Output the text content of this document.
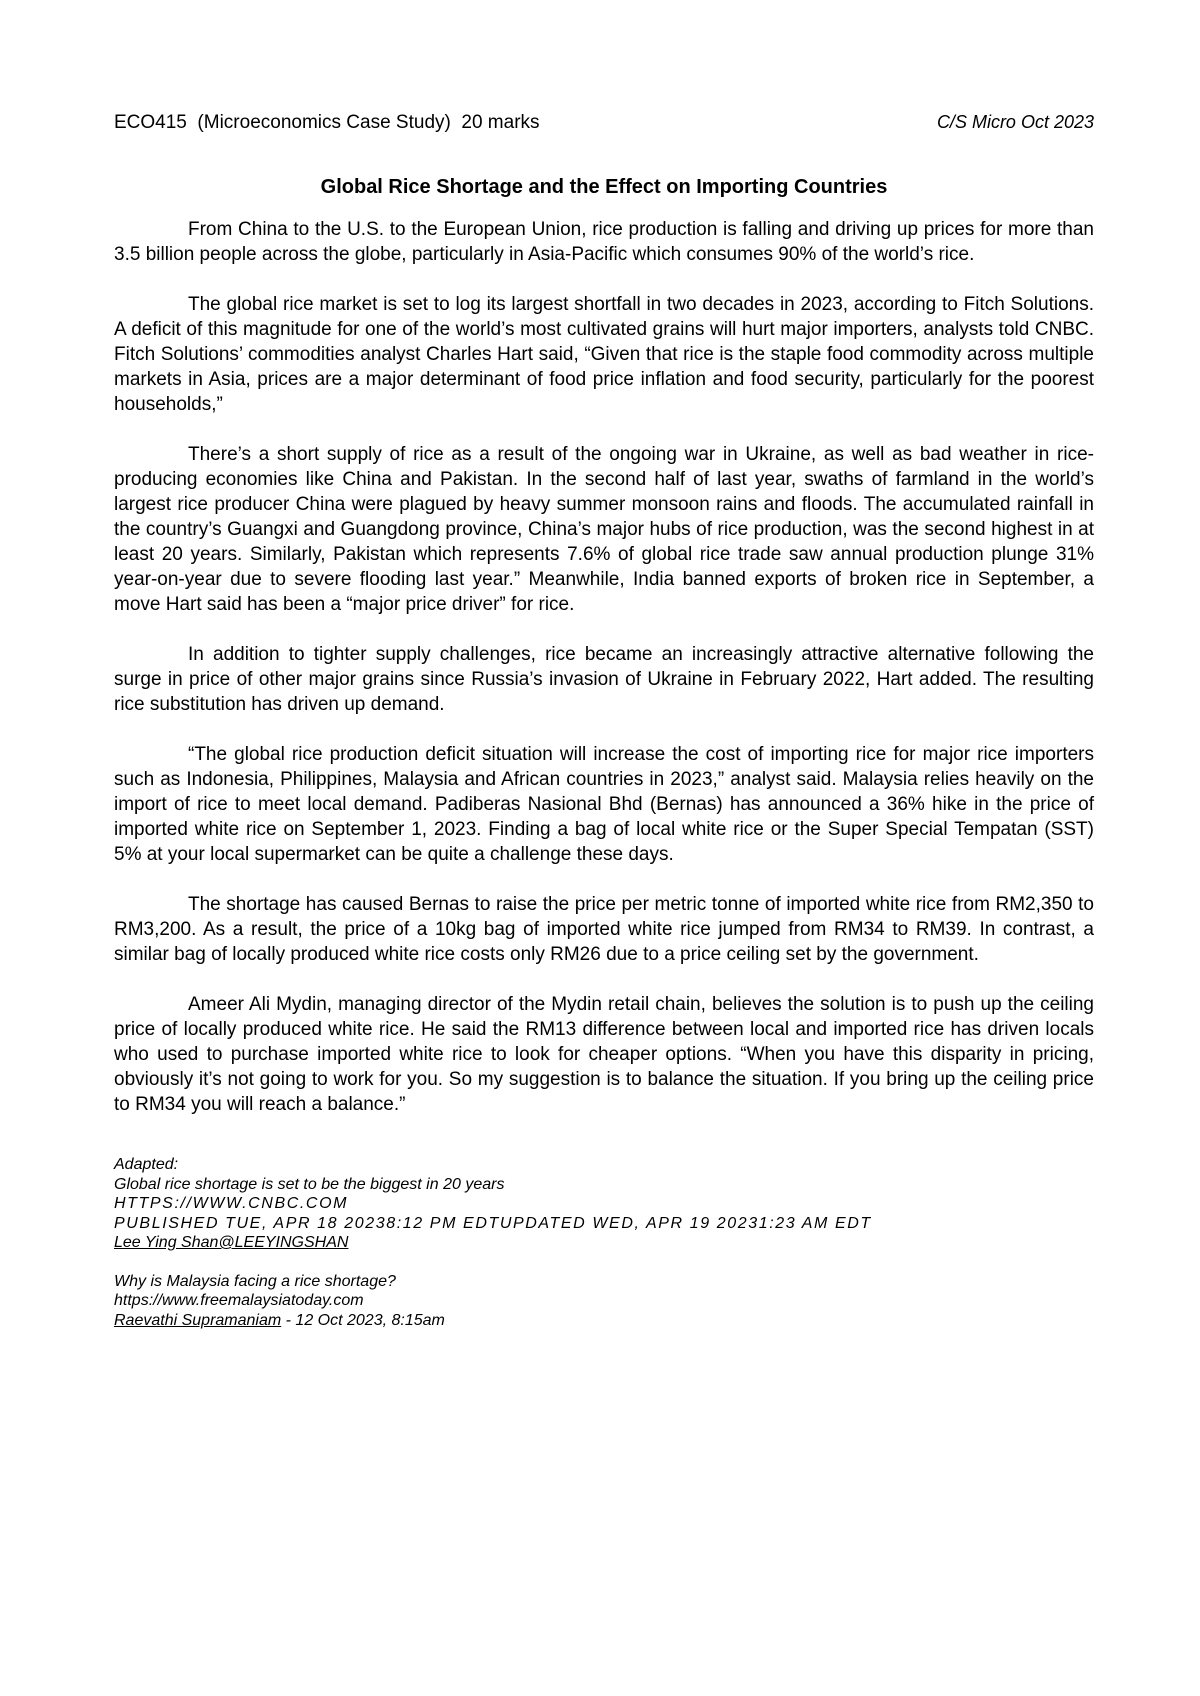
ECO415  (Microeconomics Case Study)  20 marks	C/S Micro Oct 2023
Global Rice Shortage and the Effect on Importing Countries

From China to the U.S. to the European Union, rice production is falling and driving up prices for more than 3.5 billion people across the globe, particularly in Asia-Pacific which consumes 90% of the world’s rice.

The global rice market is set to log its largest shortfall in two decades in 2023, according to Fitch Solutions. A deficit of this magnitude for one of the world’s most cultivated grains will hurt major importers, analysts told CNBC. Fitch Solutions’ commodities analyst Charles Hart said, “Given that rice is the staple food commodity across multiple markets in Asia, prices are a major determinant of food price inflation and food security, particularly for the poorest households,”

There’s a short supply of rice as a result of the ongoing war in Ukraine, as well as bad weather in rice-producing economies like China and Pakistan. In the second half of last year, swaths of farmland in the world’s largest rice producer China were plagued by heavy summer monsoon rains and floods. The accumulated rainfall in the country’s Guangxi and Guangdong province, China’s major hubs of rice production, was the second highest in at least 20 years. Similarly, Pakistan which represents 7.6% of global rice trade saw annual production plunge 31% year-on-year due to severe flooding last year.” Meanwhile, India banned exports of broken rice in September, a move Hart said has been a “major price driver” for rice.

In addition to tighter supply challenges, rice became an increasingly attractive alternative following the surge in price of other major grains since Russia’s invasion of Ukraine in February 2022, Hart added. The resulting rice substitution has driven up demand.

“The global rice production deficit situation will increase the cost of importing rice for major rice importers such as Indonesia, Philippines, Malaysia and African countries in 2023,” analyst said. Malaysia relies heavily on the import of rice to meet local demand. Padiberas Nasional Bhd (Bernas) has announced a 36% hike in the price of imported white rice on September 1, 2023. Finding a bag of local white rice or the Super Special Tempatan (SST) 5% at your local supermarket can be quite a challenge these days.

The shortage has caused Bernas to raise the price per metric tonne of imported white rice from RM2,350 to RM3,200. As a result, the price of a 10kg bag of imported white rice jumped from RM34 to RM39. In contrast, a similar bag of locally produced white rice costs only RM26 due to a price ceiling set by the government.

Ameer Ali Mydin, managing director of the Mydin retail chain, believes the solution is to push up the ceiling price of locally produced white rice. He said the RM13 difference between local and imported rice has driven locals who used to purchase imported white rice to look for cheaper options. “When you have this disparity in pricing, obviously it’s not going to work for you. So my suggestion is to balance the situation. If you bring up the ceiling price to RM34 you will reach a balance.”

Adapted:
Global rice shortage is set to be the biggest in 20 years
HTTPS://WWW.CNBC.COM
PUBLISHED TUE, APR 18 20238:12 PM EDTUPDATED WED, APR 19 20231:23 AM EDT
Lee Ying Shan@LEEYINGSHAN
Why is Malaysia facing a rice shortage?
https://www.freemalaysiatoday.com
Raevathi Supramaniam - 12 Oct 2023, 8:15am
